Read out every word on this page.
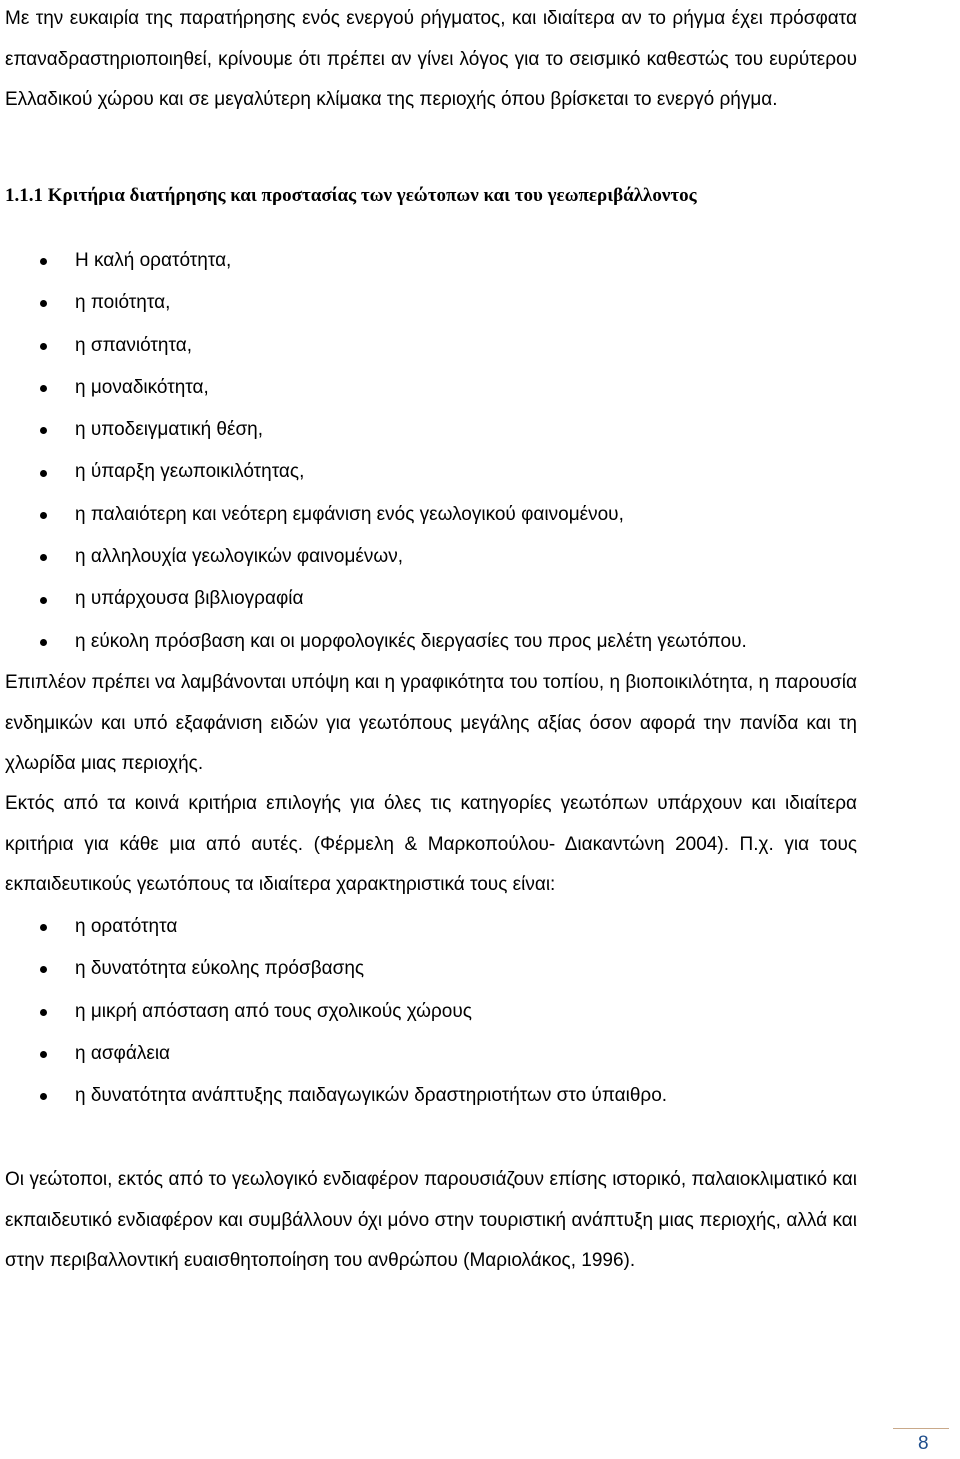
Με την ευκαιρία της παρατήρησης ενός ενεργού ρήγματος, και ιδιαίτερα αν το ρήγμα έχει πρόσφατα επαναδραστηριοποιηθεί, κρίνουμε ότι πρέπει αν γίνει λόγος για το σεισμικό καθεστώς του ευρύτερου Ελλαδικού χώρου και σε μεγαλύτερη κλίμακα της περιοχής όπου βρίσκεται το ενεργό ρήγμα.

1.1.1 Κριτήρια διατήρησης και προστασίας των γεώτοπων και του γεωπεριβάλλοντος

Η καλή ορατότητα,
η ποιότητα,
η σπανιότητα,
η μοναδικότητα,
η υποδειγματική θέση,
η ύπαρξη γεωποικιλότητας,
η παλαιότερη και νεότερη εμφάνιση ενός γεωλογικού φαινομένου,
η αλληλουχία γεωλογικών φαινομένων,
η υπάρχουσα βιβλιογραφία
η εύκολη πρόσβαση και οι μορφολογικές διεργασίες του προς μελέτη γεωτόπου.

Επιπλέον πρέπει να λαμβάνονται υπόψη και η γραφικότητα του τοπίου, η βιοποικιλότητα, η παρουσία ενδημικών και υπό εξαφάνιση ειδών για γεωτόπους μεγάλης αξίας όσον αφορά την πανίδα και τη χλωρίδα μιας περιοχής.

Εκτός από τα κοινά κριτήρια επιλογής για όλες τις κατηγορίες γεωτόπων υπάρχουν και ιδιαίτερα κριτήρια για κάθε μια από αυτές. (Φέρμελη & Μαρκοπούλου- Διακαντώνη 2004). Π.χ. για τους εκπαιδευτικούς γεωτόπους τα ιδιαίτερα χαρακτηριστικά τους είναι:

η ορατότητα
η δυνατότητα εύκολης πρόσβασης
η μικρή απόσταση από τους σχολικούς χώρους
η ασφάλεια
η δυνατότητα ανάπτυξης παιδαγωγικών δραστηριοτήτων στο ύπαιθρο.

Οι γεώτοποι, εκτός από το γεωλογικό ενδιαφέρον παρουσιάζουν επίσης ιστορικό, παλαιοκλιματικό και εκπαιδευτικό ενδιαφέρον και συμβάλλουν όχι μόνο στην τουριστική ανάπτυξη μιας περιοχής, αλλά και στην περιβαλλοντική ευαισθητοποίηση του ανθρώπου (Μαριολάκος, 1996).

8
